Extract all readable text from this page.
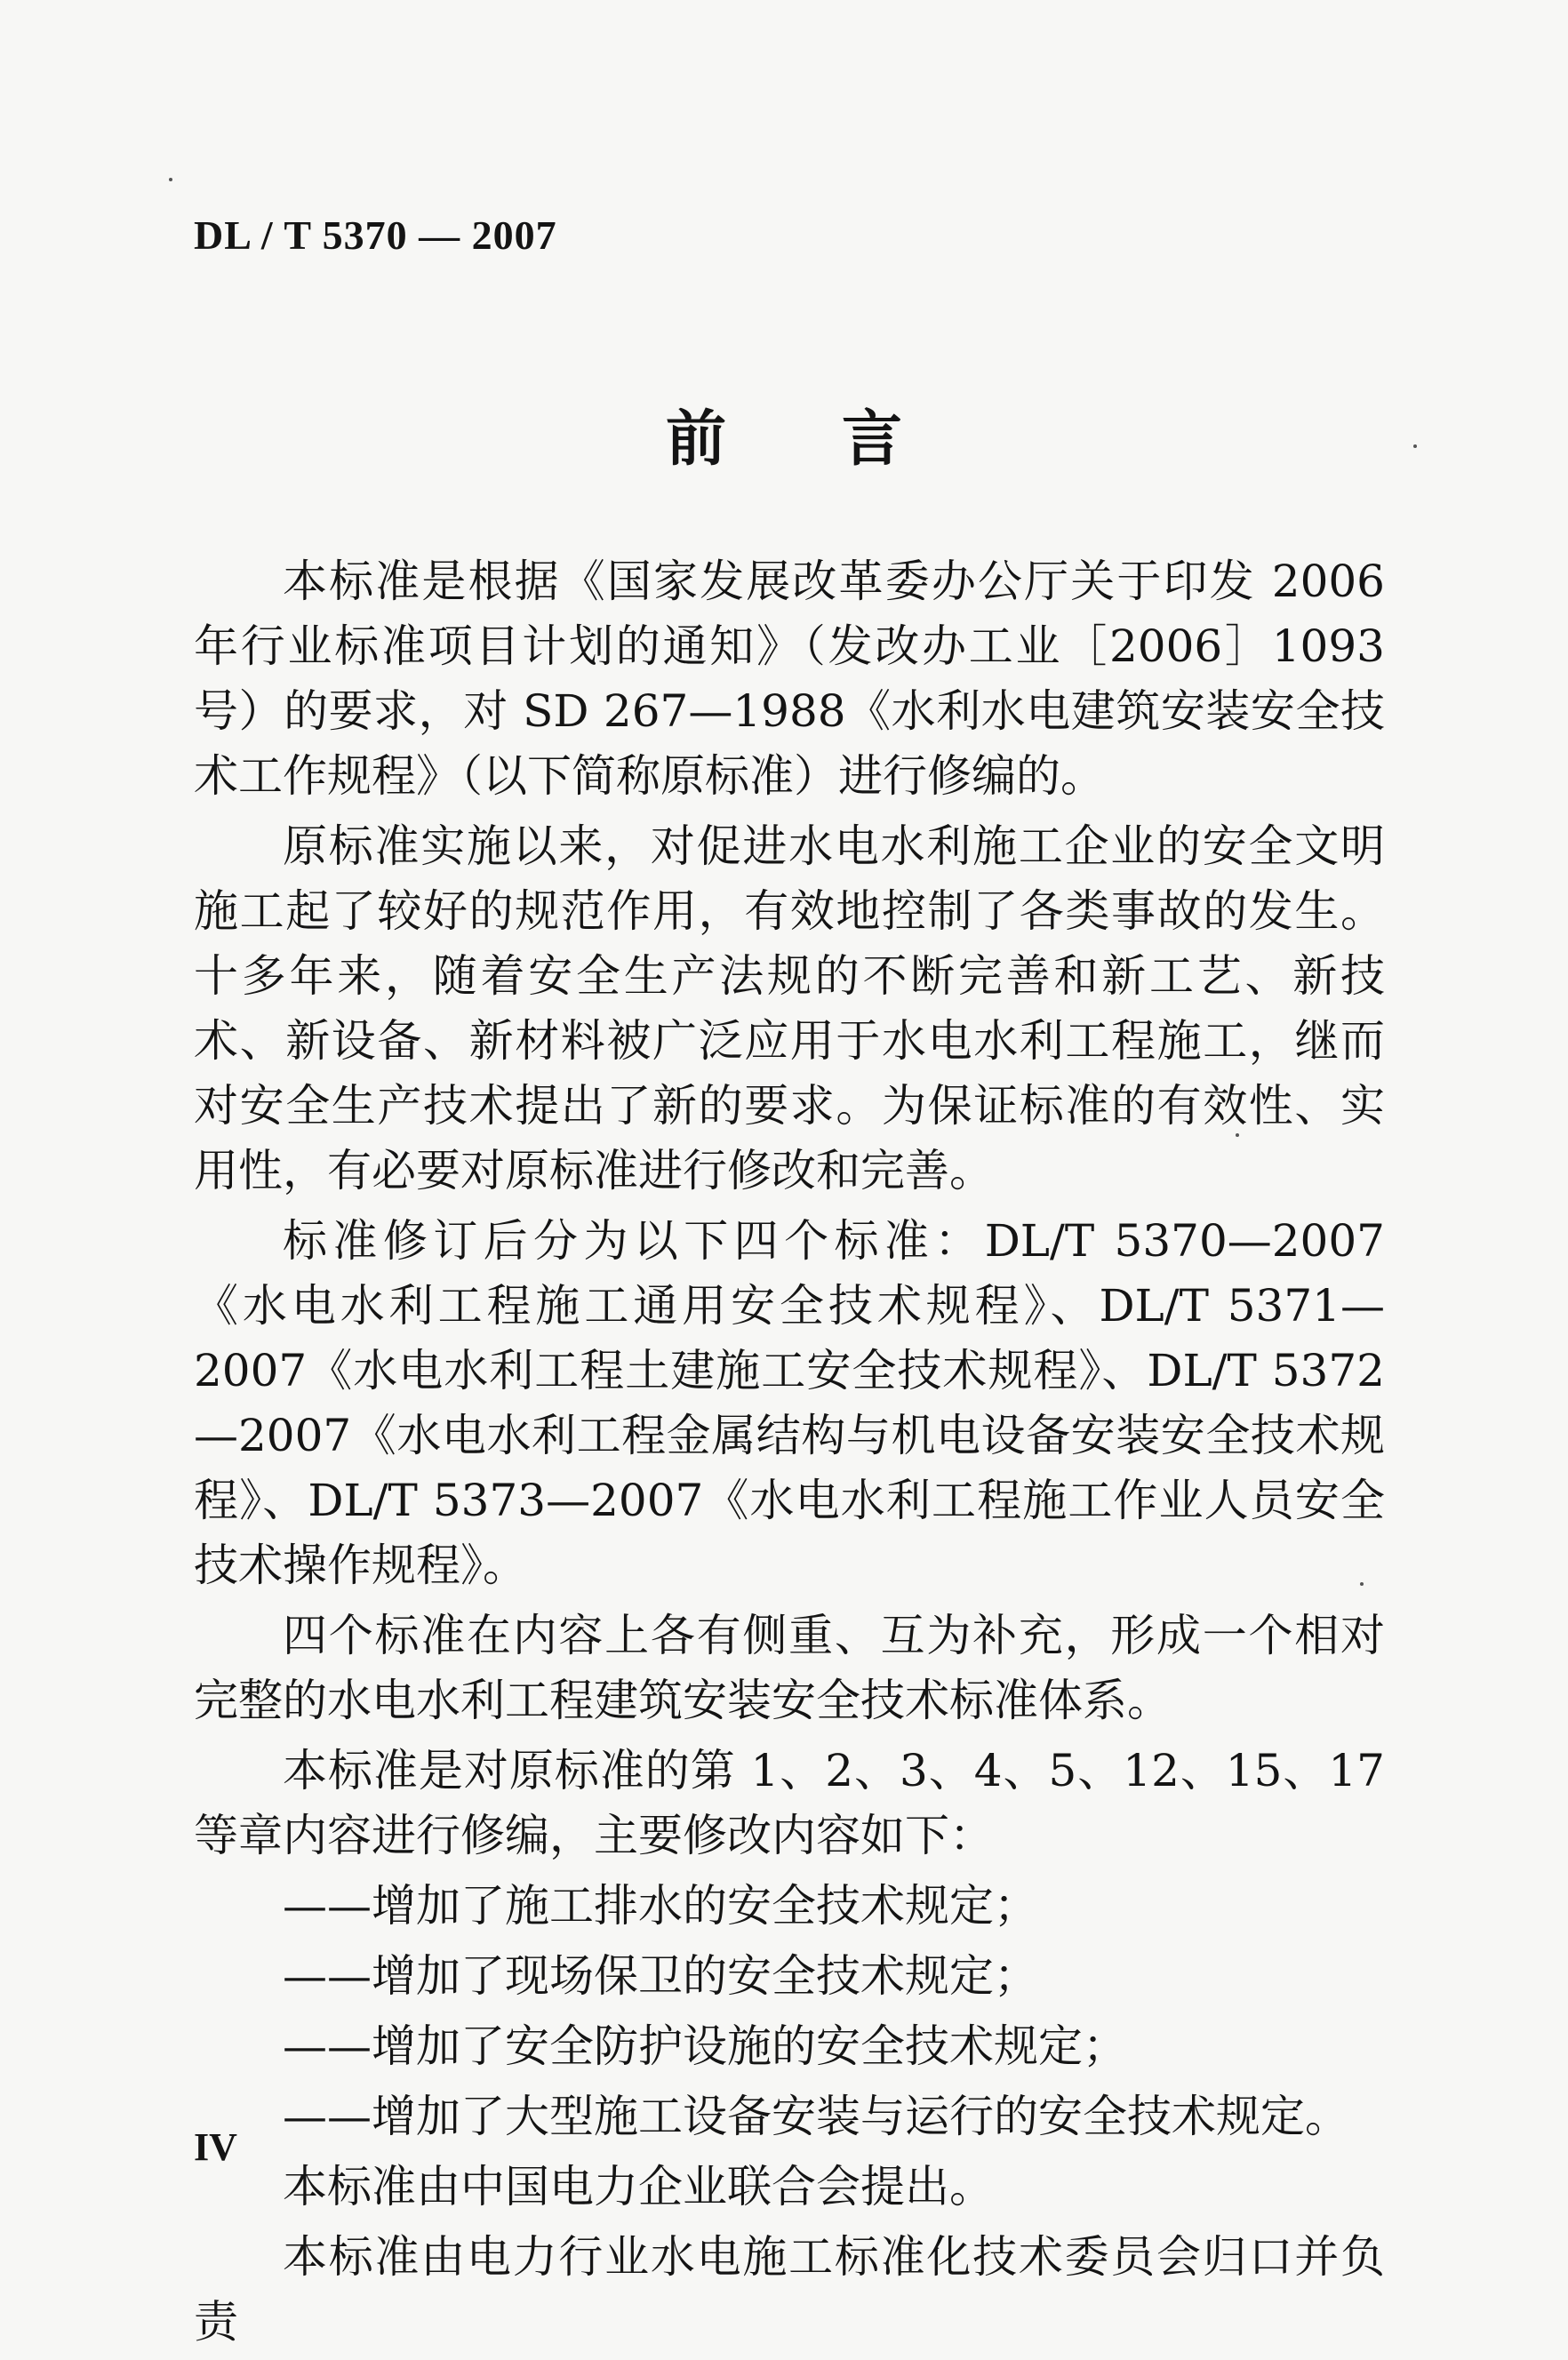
DL / T 5370 — 2007
前 言

本标准是根据《国家发展改革委办公厅关于印发 2006 年行业标准项目计划的通知》（发改办工业［2006］1093 号）的要求，对 SD 267—1988《水利水电建筑安装安全技术工作规程》（以下简称原标准）进行修编的。

原标准实施以来，对促进水电水利施工企业的安全文明施工起了较好的规范作用，有效地控制了各类事故的发生。十多年来，随着安全生产法规的不断完善和新工艺、新技术、新设备、新材料被广泛应用于水电水利工程施工，继而对安全生产技术提出了新的要求。为保证标准的有效性、实用性，有必要对原标准进行修改和完善。

标准修订后分为以下四个标准：DL/T 5370—2007《水电水利工程施工通用安全技术规程》、DL/T 5371—2007《水电水利工程土建施工安全技术规程》、DL/T 5372—2007《水电水利工程金属结构与机电设备安装安全技术规程》、DL/T 5373—2007《水电水利工程施工作业人员安全技术操作规程》。

四个标准在内容上各有侧重、互为补充，形成一个相对完整的水电水利工程建筑安装安全技术标准体系。

本标准是对原标准的第 1、2、3、4、5、12、15、17 等章内容进行修编，主要修改内容如下：

——增加了施工排水的安全技术规定；
——增加了现场保卫的安全技术规定；
——增加了安全防护设施的安全技术规定；
——增加了大型施工设备安装与运行的安全技术规定。

本标准由中国电力企业联合会提出。

本标准由电力行业水电施工标准化技术委员会归口并负责

IV
